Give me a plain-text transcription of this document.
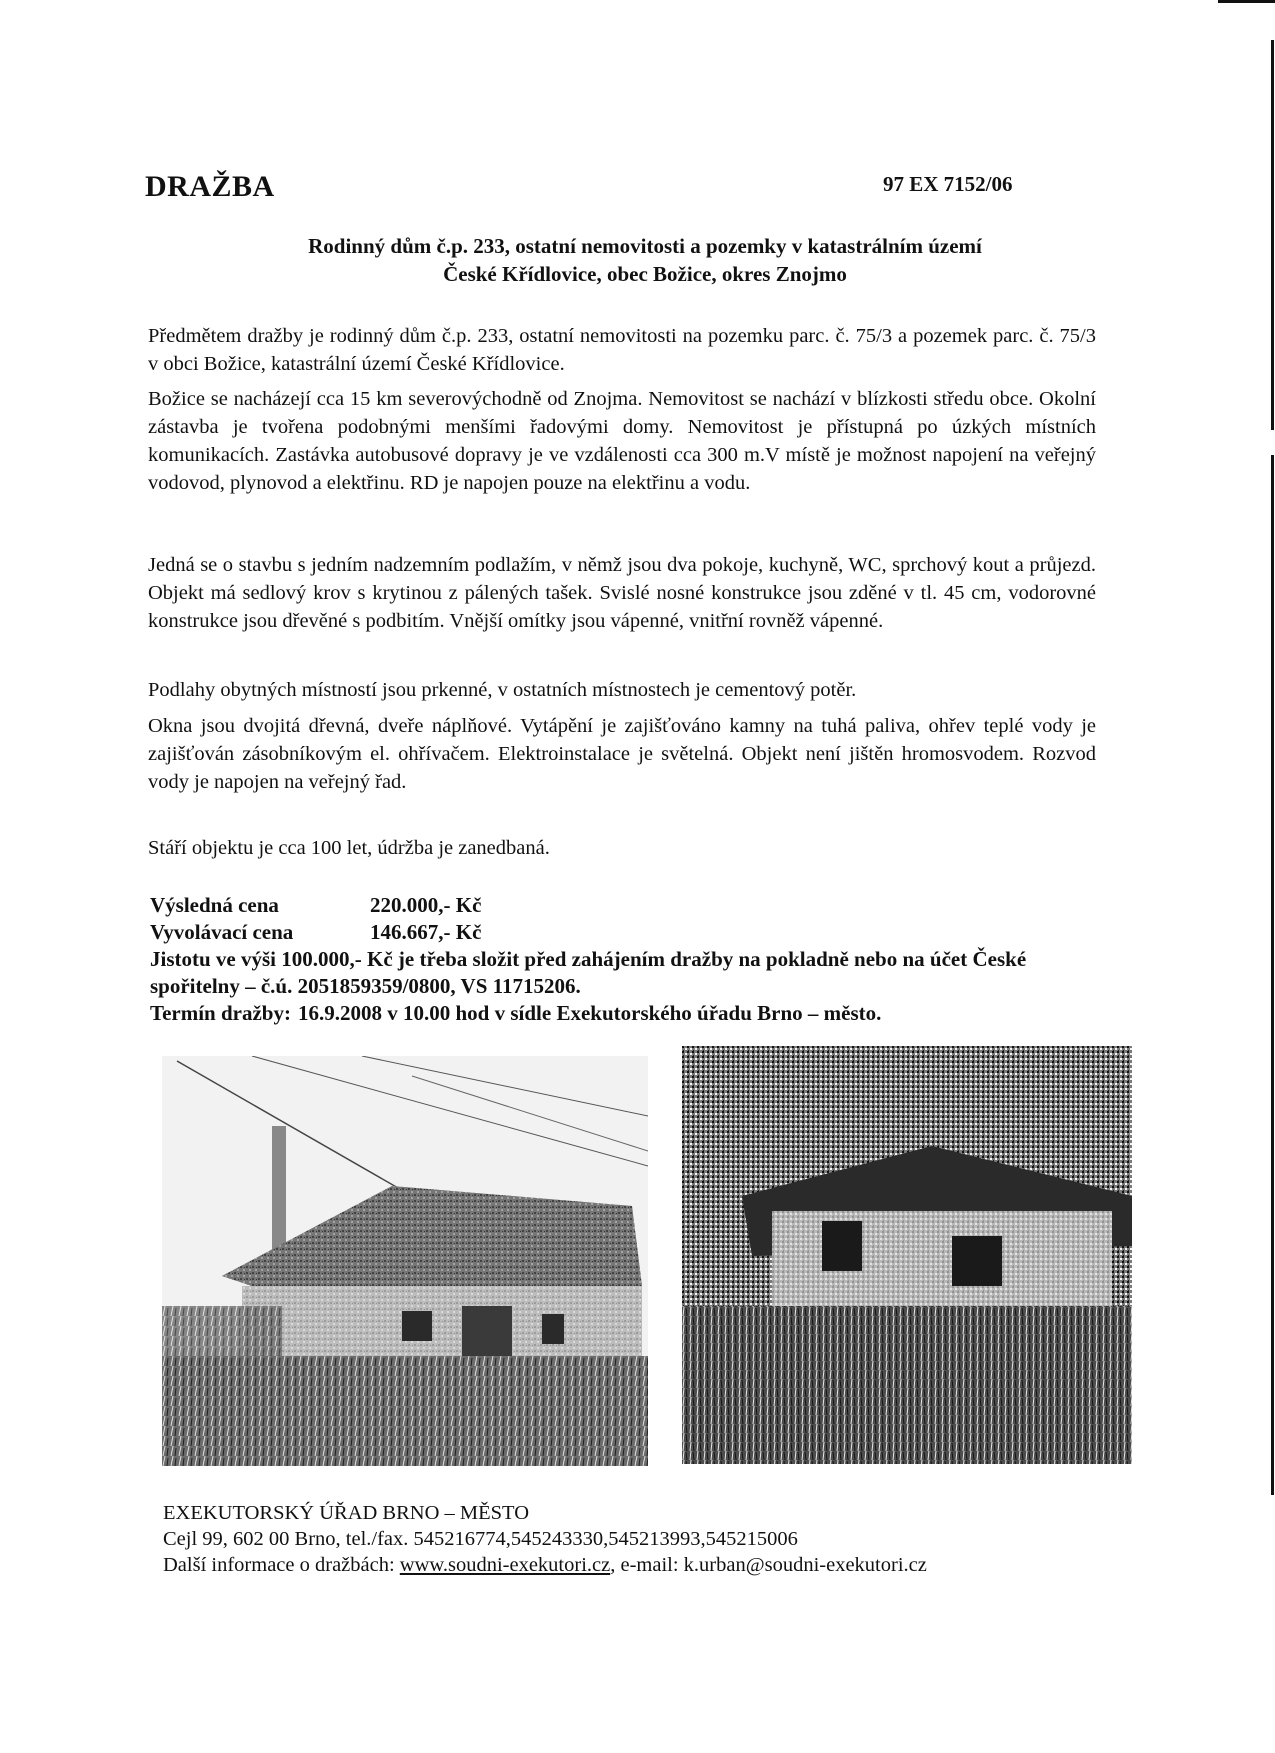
DRAŽBA	97 EX 7152/06
Rodinný dům č.p. 233, ostatní nemovitosti a pozemky v katastrálním území
České Křídlovice, obec Božice, okres Znojmo

Předmětem dražby je rodinný dům č.p. 233, ostatní nemovitosti na pozemku parc. č. 75/3 a pozemek parc. č. 75/3 v obci Božice, katastrální území České Křídlovice.

Božice se nacházejí cca 15 km severovýchodně od Znojma. Nemovitost se nachází v blízkosti středu obce. Okolní zástavba je tvořena podobnými menšími řadovými domy. Nemovitost je přístupná po úzkých místních komunikacích. Zastávka autobusové dopravy je ve vzdálenosti cca 300 m.V místě je možnost napojení na veřejný vodovod, plynovod a elektřinu. RD je napojen pouze na elektřinu a vodu.

Jedná se o stavbu s jedním nadzemním podlažím, v němž jsou dva pokoje, kuchyně, WC, sprchový kout a průjezd. Objekt má sedlový krov s krytinou z pálených tašek. Svislé nosné konstrukce jsou zděné v tl. 45 cm, vodorovné konstrukce jsou dřevěné s podbitím. Vnější omítky jsou vápenné, vnitřní rovněž vápenné.

Podlahy obytných místností jsou prkenné, v ostatních místnostech je cementový potěr.

Okna jsou dvojitá dřevná, dveře náplňové. Vytápění je zajišťováno kamny na tuhá paliva, ohřev teplé vody je zajišťován zásobníkovým el. ohřívačem. Elektroinstalace je světelná. Objekt není jištěn hromosvodem. Rozvod vody je napojen na veřejný řad.

Stáří objektu je cca 100 let, údržba je zanedbaná.

Výsledná cena	220.000,- Kč
Vyvolávací cena	146.667,- Kč
Jistotu ve výši 100.000,- Kč je třeba složit před zahájením dražby na pokladně nebo na účet České spořitelny – č.ú. 2051859359/0800, VS 11715206.
Termín dražby: 16.9.2008 v 10.00 hod v sídle Exekutorského úřadu Brno – město.
EXEKUTORSKÝ ÚŘAD BRNO – MĚSTO
Cejl 99, 602 00 Brno, tel./fax. 545216774,545243330,545213993,545215006
Další informace o dražbách: www.soudni-exekutori.cz, e-mail: k.urban@soudni-exekutori.cz
